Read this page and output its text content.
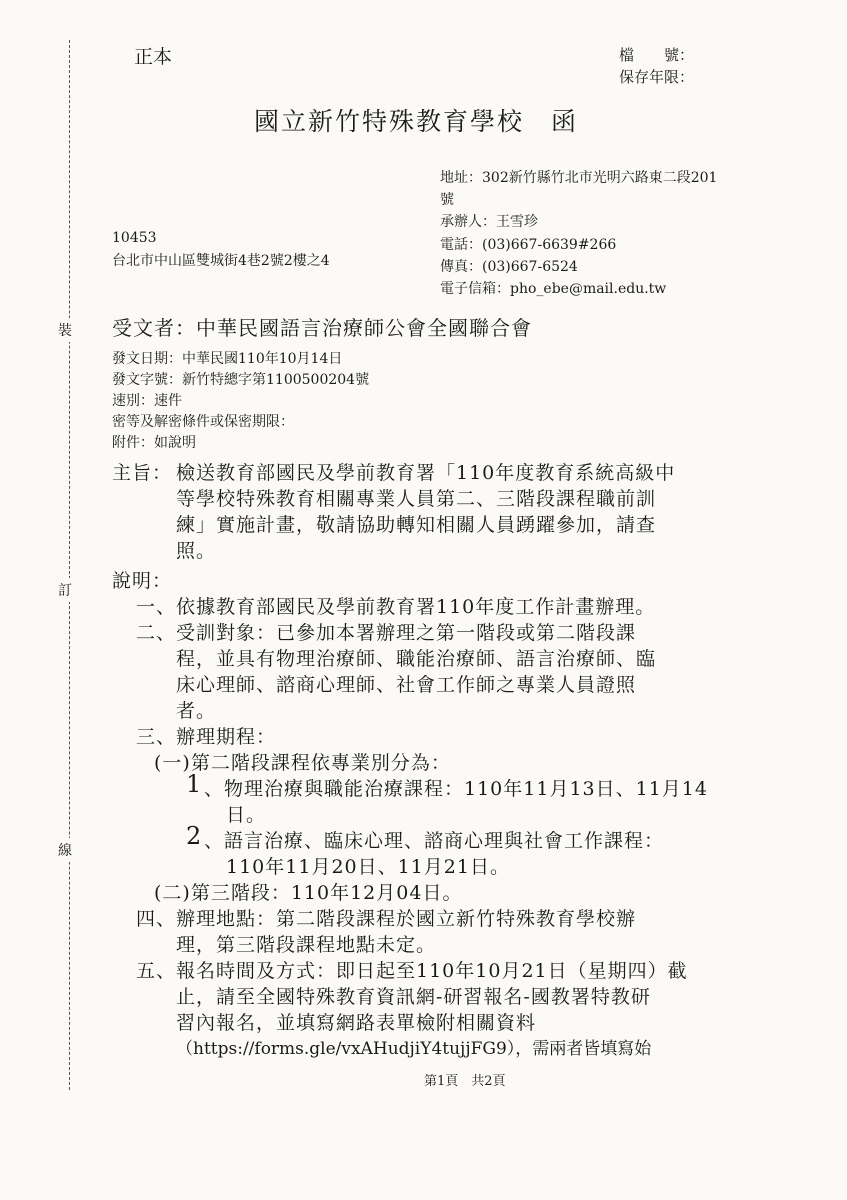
裝
訂
線
正本	檔　　號：
保存年限：
國立新竹特殊教育學校　函
地址：302新竹縣竹北市光明六路東二段201
號
承辦人：王雪珍
電話：(03)667-6639#266
傳真：(03)667-6524
電子信箱：pho_ebe@mail.edu.tw
10453
台北市中山區雙城街4巷2號2樓之4
受文者：中華民國語言治療師公會全國聯合會
發文日期：中華民國110年10月14日
發文字號：新竹特總字第1100500204號
速別：速件
密等及解密條件或保密期限：
附件：如說明
主旨： 檢送教育部國民及學前教育署「110年度教育系統高級中
等學校特殊教育相關專業人員第二、三階段課程職前訓
練」實施計畫，敬請協助轉知相關人員踴躍參加，請查
照。
說明：
一、 依據教育部國民及學前教育署110年度工作計畫辦理。
二、 受訓對象：已參加本署辦理之第一階段或第二階段課
程，並具有物理治療師、職能治療師、語言治療師、臨
床心理師、諮商心理師、社會工作師之專業人員證照
者。
三、 辦理期程：
(一)第二階段課程依專業別分為：
1 、物理治療與職能治療課程：110年11月13日、11月14
日。
2 、語言治療、臨床心理、諮商心理與社會工作課程：
110年11月20日、11月21日。
(二)第三階段：110年12月04日。
四、 辦理地點：第二階段課程於國立新竹特殊教育學校辦
理，第三階段課程地點未定。
五、 報名時間及方式：即日起至110年10月21日（星期四）截
止，請至全國特殊教育資訊網-研習報名-國教署特教研
習內報名，並填寫網路表單檢附相關資料
（https://forms.gle/vxAHudjiY4tujjFG9），需兩者皆填寫始
第1頁　共2頁
